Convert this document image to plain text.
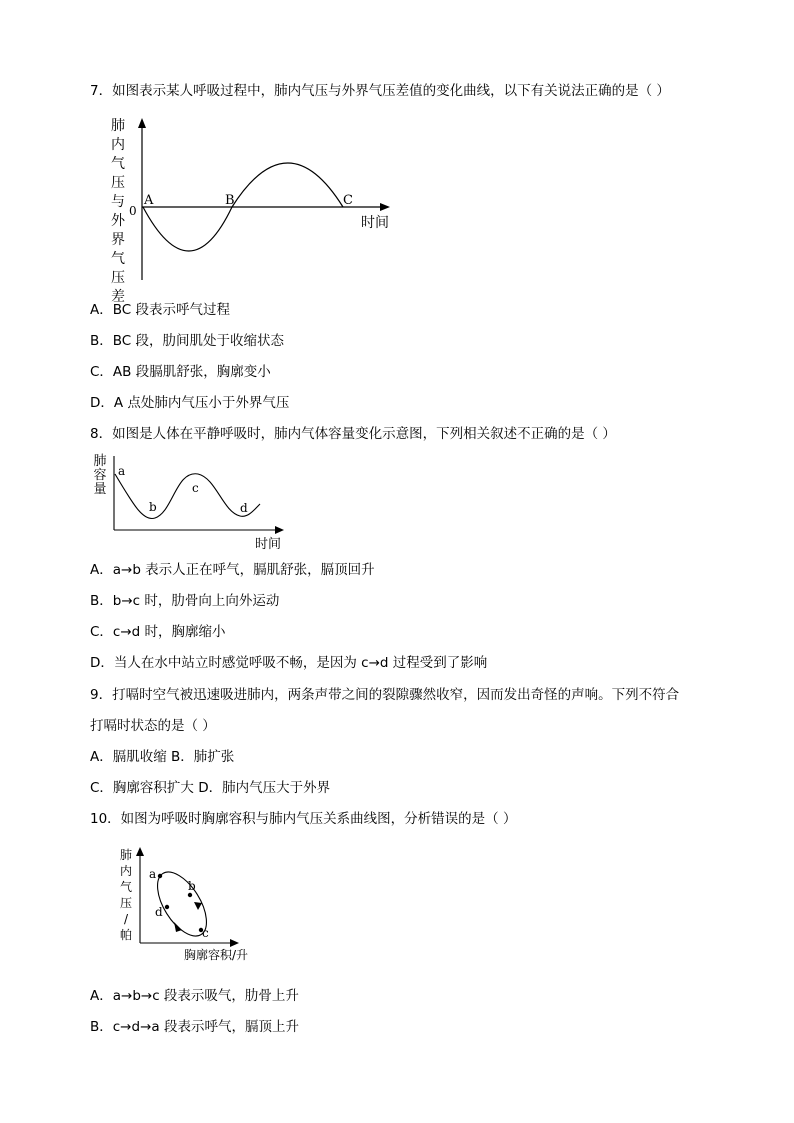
7．如图表示某人呼吸过程中，肺内气压与外界气压差值的变化曲线，以下有关说法正确的是（ ）
肺
内
气
压
与
外
界
气
压
差
0
A	B	C
时间
A．BC 段表示呼气过程
B．BC 段，肋间肌处于收缩状态
C．AB 段膈肌舒张，胸廓变小
D．A 点处肺内气压小于外界气压
8．如图是人体在平静呼吸时，肺内气体容量变化示意图，下列相关叙述不正确的是（ ）
肺
容
量
a
b
c
d
时间
A．a→b 表示人正在呼气，膈肌舒张，膈顶回升
B．b→c 时，肋骨向上向外运动
C．c→d 时，胸廓缩小
D．当人在水中站立时感觉呼吸不畅，是因为 c→d 过程受到了影响
9．打嗝时空气被迅速吸进肺内，两条声带之间的裂隙骤然收窄，因而发出奇怪的声响。下列不符合
打嗝时状态的是（ ）
A．膈肌收缩 B．肺扩张
C．胸廓容积扩大 D．肺内气压大于外界
10．如图为呼吸时胸廓容积与肺内气压关系曲线图，分析错误的是（ ）
肺
内
气
压
/
帕
a
b
c
d
胸廓容积/升
A．a→b→c 段表示吸气，肋骨上升
B．c→d→a 段表示呼气，膈顶上升
